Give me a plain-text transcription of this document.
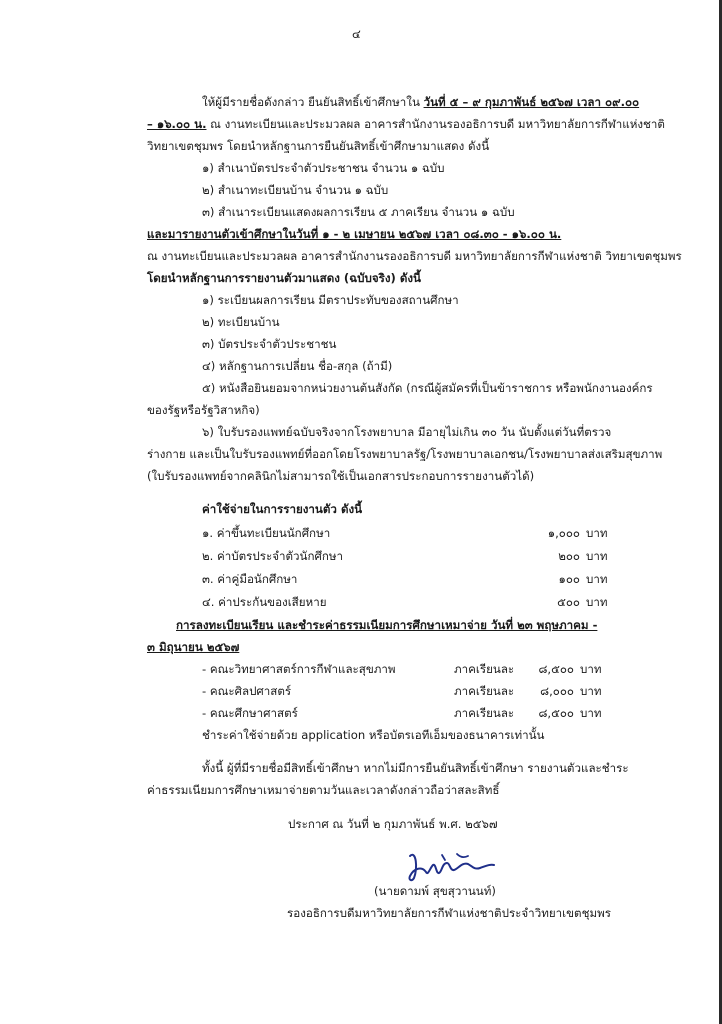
๔
ให้ผู้มีรายชื่อดังกล่าว ยืนยันสิทธิ์เข้าศึกษาใน วันที่ ๕ – ๙ กุมภาพันธ์ ๒๕๖๗ เวลา ๐๙.๐๐
– ๑๖.๐๐ น. ณ งานทะเบียนและประมวลผล อาคารสำนักงานรองอธิการบดี มหาวิทยาลัยการกีฬาแห่งชาติ
วิทยาเขตชุมพร โดยนำหลักฐานการยืนยันสิทธิ์เข้าศึกษามาแสดง ดังนี้
๑) สำเนาบัตรประจำตัวประชาชน จำนวน ๑ ฉบับ
๒) สำเนาทะเบียนบ้าน จำนวน ๑ ฉบับ
๓) สำเนาระเบียนแสดงผลการเรียน ๕ ภาคเรียน จำนวน ๑ ฉบับ
และมารายงานตัวเข้าศึกษาในวันที่ ๑ - ๒ เมษายน ๒๕๖๗ เวลา ๐๘.๓๐ - ๑๖.๐๐ น.
ณ งานทะเบียนและประมวลผล อาคารสำนักงานรองอธิการบดี มหาวิทยาลัยการกีฬาแห่งชาติ วิทยาเขตชุมพร
โดยนำหลักฐานการรายงานตัวมาแสดง (ฉบับจริง) ดังนี้
๑) ระเบียนผลการเรียน มีตราประทับของสถานศึกษา
๒) ทะเบียนบ้าน
๓) บัตรประจำตัวประชาชน
๔) หลักฐานการเปลี่ยน ชื่อ-สกุล (ถ้ามี)
๕) หนังสือยินยอมจากหน่วยงานต้นสังกัด (กรณีผู้สมัครที่เป็นข้าราชการ หรือพนักงานองค์กร
ของรัฐหรือรัฐวิสาหกิจ)
๖) ใบรับรองแพทย์ฉบับจริงจากโรงพยาบาล มีอายุไม่เกิน ๓๐ วัน นับตั้งแต่วันที่ตรวจ
ร่างกาย และเป็นใบรับรองแพทย์ที่ออกโดยโรงพยาบาลรัฐ/โรงพยาบาลเอกชน/โรงพยาบาลส่งเสริมสุขภาพ
(ใบรับรองแพทย์จากคลินิกไม่สามารถใช้เป็นเอกสารประกอบการรายงานตัวได้)
ค่าใช้จ่ายในการรายงานตัว ดังนี้
๑. ค่าขึ้นทะเบียนนักศึกษา	๑,๐๐๐ บาท
๒. ค่าบัตรประจำตัวนักศึกษา	๒๐๐ บาท
๓. ค่าคู่มือนักศึกษา	๑๐๐ บาท
๔. ค่าประกันของเสียหาย	๕๐๐ บาท
การลงทะเบียนเรียน และชำระค่าธรรมเนียมการศึกษาเหมาจ่าย วันที่ ๒๓ พฤษภาคม -
๓ มิถุนายน ๒๕๖๗
- คณะวิทยาศาสตร์การกีฬาและสุขภาพ	ภาคเรียนละ	๘,๕๐๐ บาท
- คณะศิลปศาสตร์	ภาคเรียนละ	๘,๐๐๐ บาท
- คณะศึกษาศาสตร์	ภาคเรียนละ	๘,๕๐๐ บาท
ชำระค่าใช้จ่ายด้วย application หรือบัตรเอทีเอ็มของธนาคารเท่านั้น
ทั้งนี้ ผู้ที่มีรายชื่อมีสิทธิ์เข้าศึกษา หากไม่มีการยืนยันสิทธิ์เข้าศึกษา รายงานตัวและชำระ
ค่าธรรมเนียมการศึกษาเหมาจ่ายตามวันและเวลาดังกล่าวถือว่าสละสิทธิ์
ประกาศ ณ วันที่ ๒ กุมภาพันธ์ พ.ศ. ๒๕๖๗
(นายดามพ์ สุขสุวานนท์)
รองอธิการบดีมหาวิทยาลัยการกีฬาแห่งชาติประจำวิทยาเขตชุมพร
